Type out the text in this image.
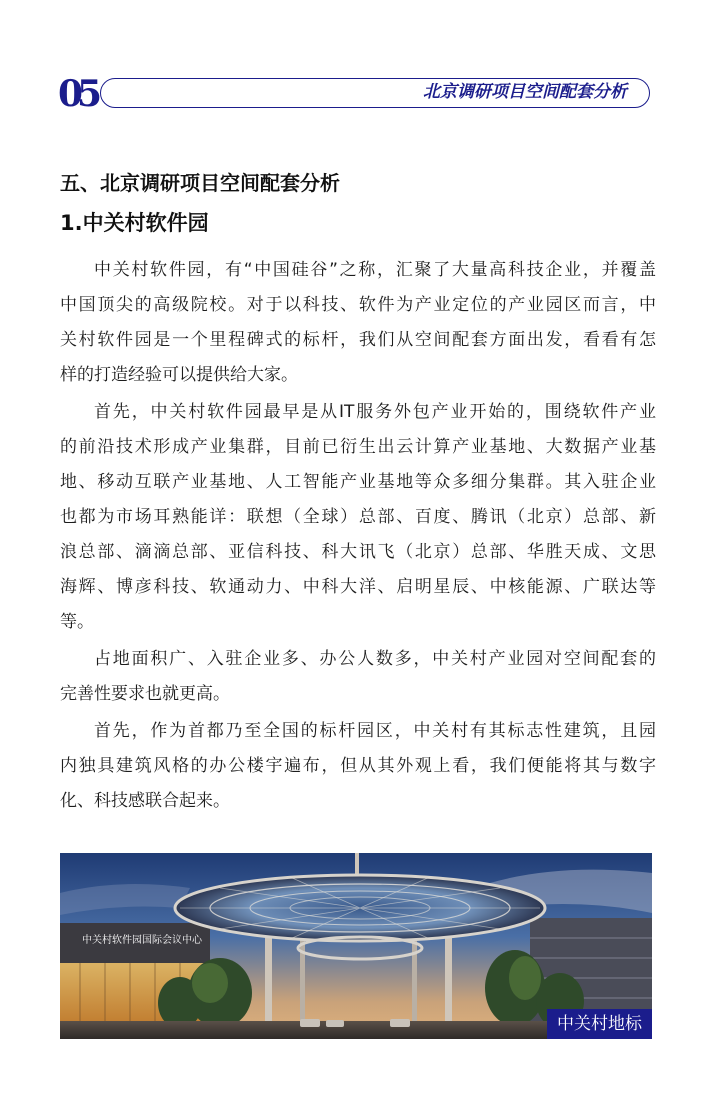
05	北京调研项目空间配套分析
五、北京调研项目空间配套分析
1.中关村软件园
中关村软件园，有“中国硅谷”之称，汇聚了大量高科技企业，并覆盖
中国顶尖的高级院校。对于以科技、软件为产业定位的产业园区而言，中
关村软件园是一个里程碑式的标杆，我们从空间配套方面出发，看看有怎
样的打造经验可以提供给大家。
首先，中关村软件园最早是从IT服务外包产业开始的，围绕软件产业
的前沿技术形成产业集群，目前已衍生出云计算产业基地、大数据产业基
地、移动互联产业基地、人工智能产业基地等众多细分集群。其入驻企业
也都为市场耳熟能详：联想（全球）总部、百度、腾讯（北京）总部、新
浪总部、滴滴总部、亚信科技、科大讯飞（北京）总部、华胜天成、文思
海辉、博彦科技、软通动力、中科大洋、启明星辰、中核能源、广联达等
等。
占地面积广、入驻企业多、办公人数多，中关村产业园对空间配套的
完善性要求也就更高。
首先，作为首都乃至全国的标杆园区，中关村有其标志性建筑，且园
内独具建筑风格的办公楼宇遍布，但从其外观上看，我们便能将其与数字
化、科技感联合起来。
中关村软件园国际会议中心
中关村地标
